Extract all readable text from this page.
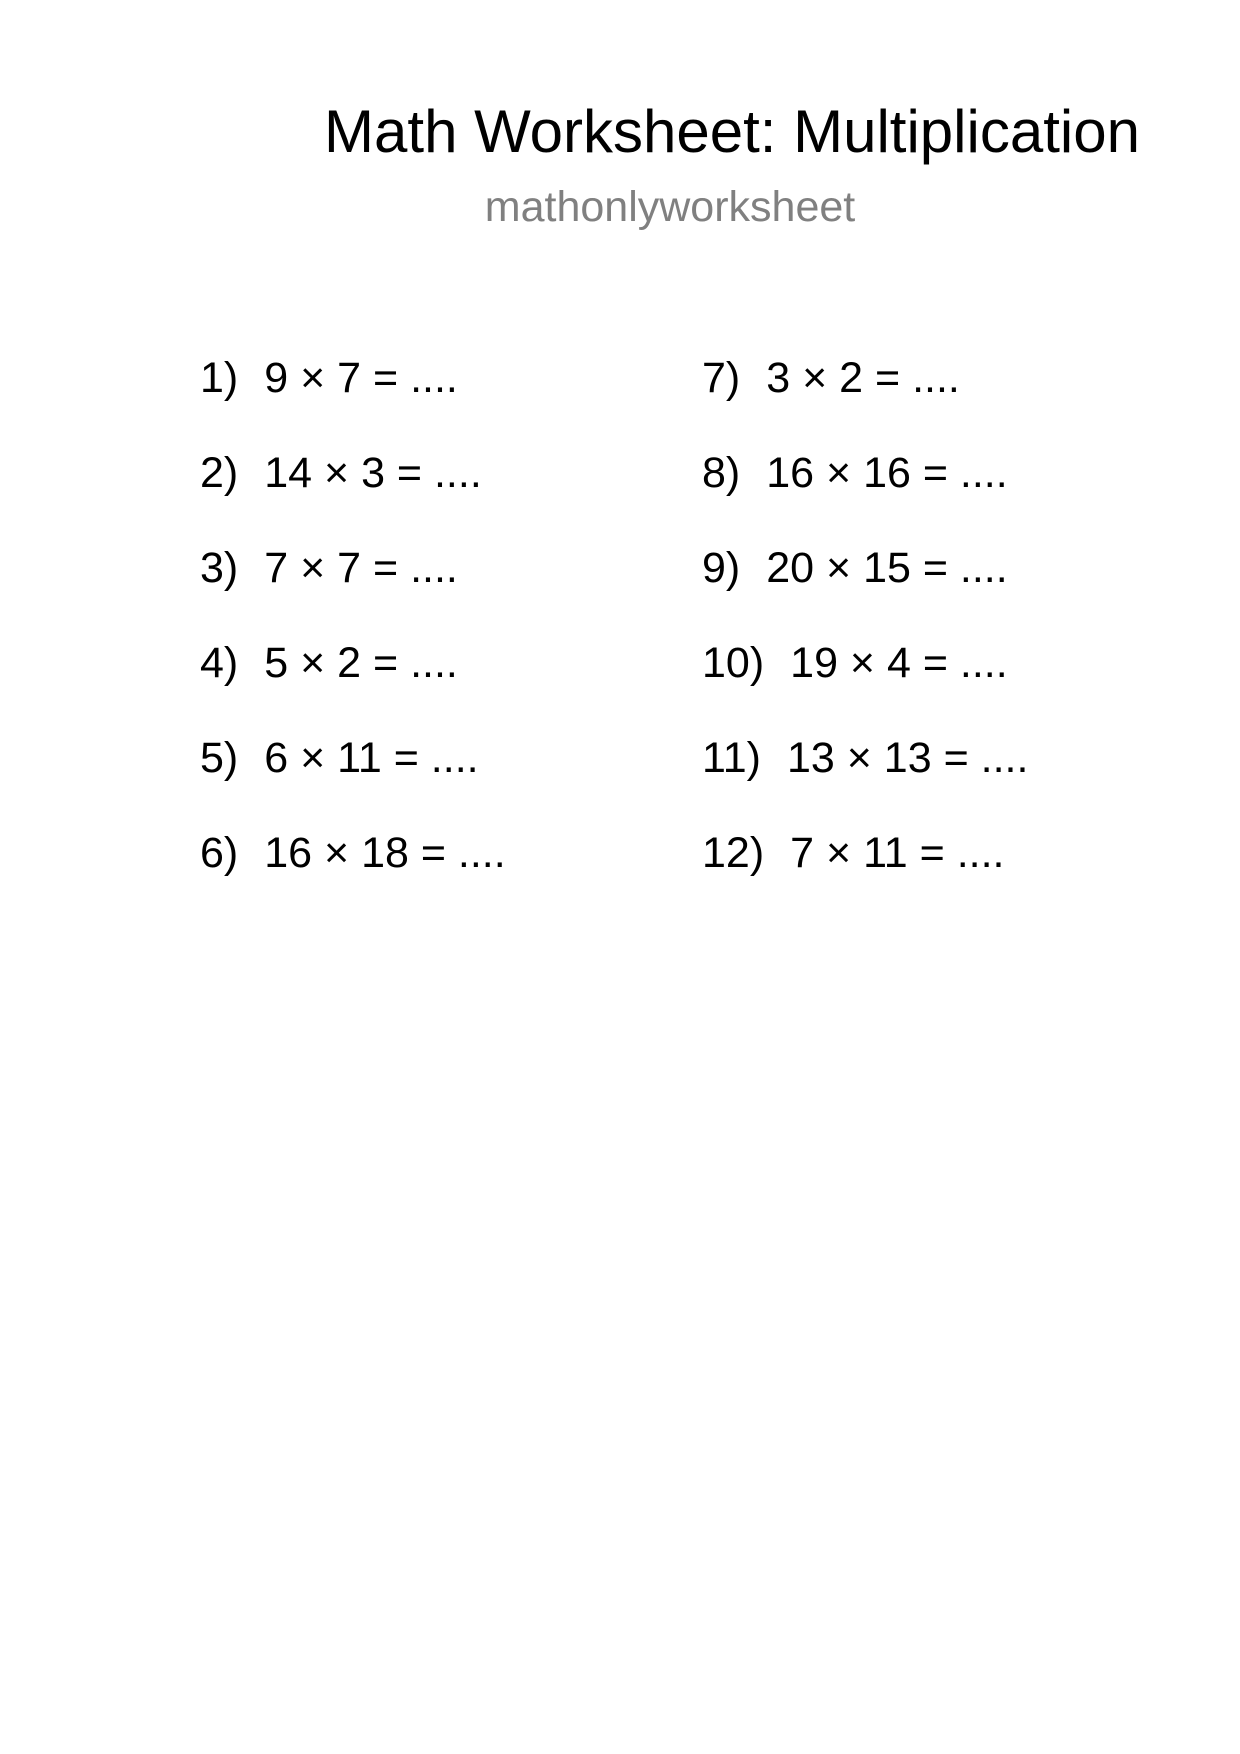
Math Worksheet: Multiplication
mathonlyworksheet
1) 9 × 7 = ....
2) 14 × 3 = ....
3) 7 × 7 = ....
4) 5 × 2 = ....
5) 6 × 11 = ....
6) 16 × 18 = ....
7) 3 × 2 = ....
8) 16 × 16 = ....
9) 20 × 15 = ....
10) 19 × 4 = ....
11) 13 × 13 = ....
12) 7 × 11 = ....
